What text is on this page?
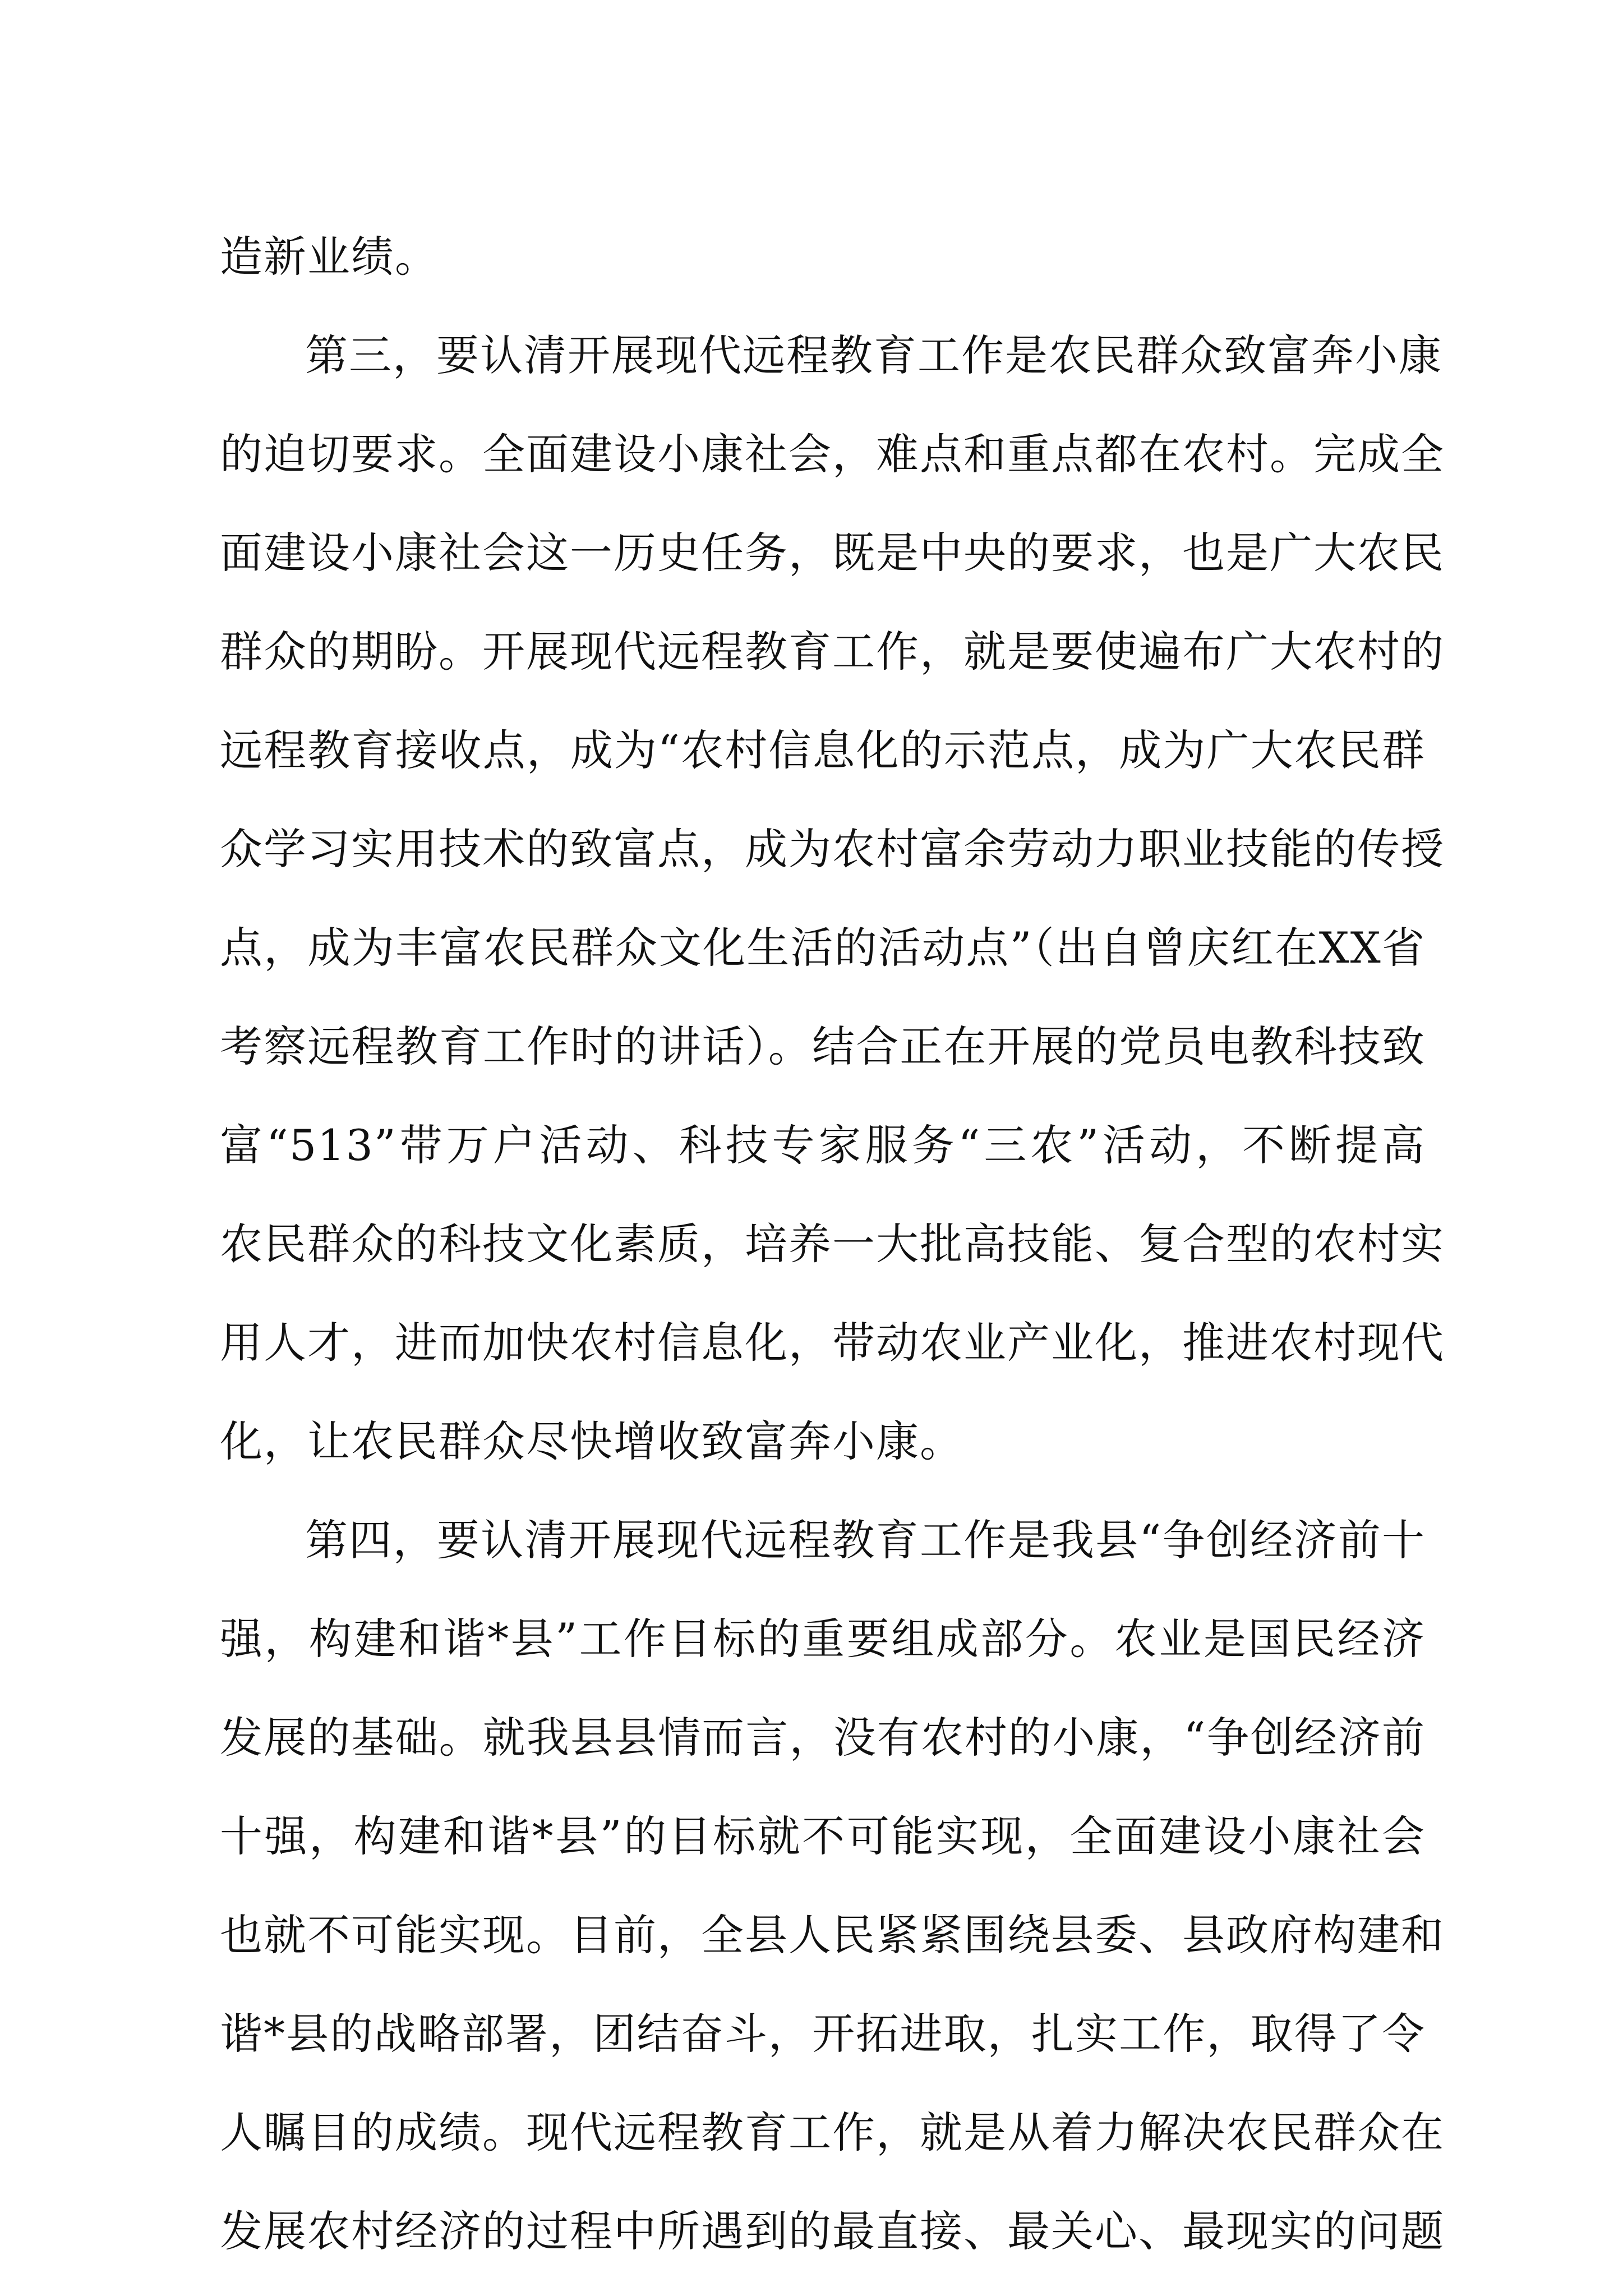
造新业绩。
第三，要认清开展现代远程教育工作是农民群众致富奔小康
的迫切要求。全面建设小康社会，难点和重点都在农村。完成全
面建设小康社会这一历史任务，既是中央的要求，也是广大农民
群众的期盼。开展现代远程教育工作，就是要使遍布广大农村的
远程教育接收点，成为“农村信息化的示范点，成为广大农民群
众学习实用技术的致富点，成为农村富余劳动力职业技能的传授
点，成为丰富农民群众文化生活的活动点”（出自曾庆红在XX省
考察远程教育工作时的讲话）。结合正在开展的党员电教科技致
富“513”带万户活动、科技专家服务“三农”活动，不断提高
农民群众的科技文化素质，培养一大批高技能、复合型的农村实
用人才，进而加快农村信息化，带动农业产业化，推进农村现代
化，让农民群众尽快增收致富奔小康。
第四，要认清开展现代远程教育工作是我县“争创经济前十
强，构建和谐*县”工作目标的重要组成部分。农业是国民经济
发展的基础。就我县县情而言，没有农村的小康，“争创经济前
十强，构建和谐*县”的目标就不可能实现，全面建设小康社会
也就不可能实现。目前，全县人民紧紧围绕县委、县政府构建和
谐*县的战略部署，团结奋斗，开拓进取，扎实工作，取得了令
人瞩目的成绩。现代远程教育工作，就是从着力解决农民群众在
发展农村经济的过程中所遇到的最直接、最关心、最现实的问题
